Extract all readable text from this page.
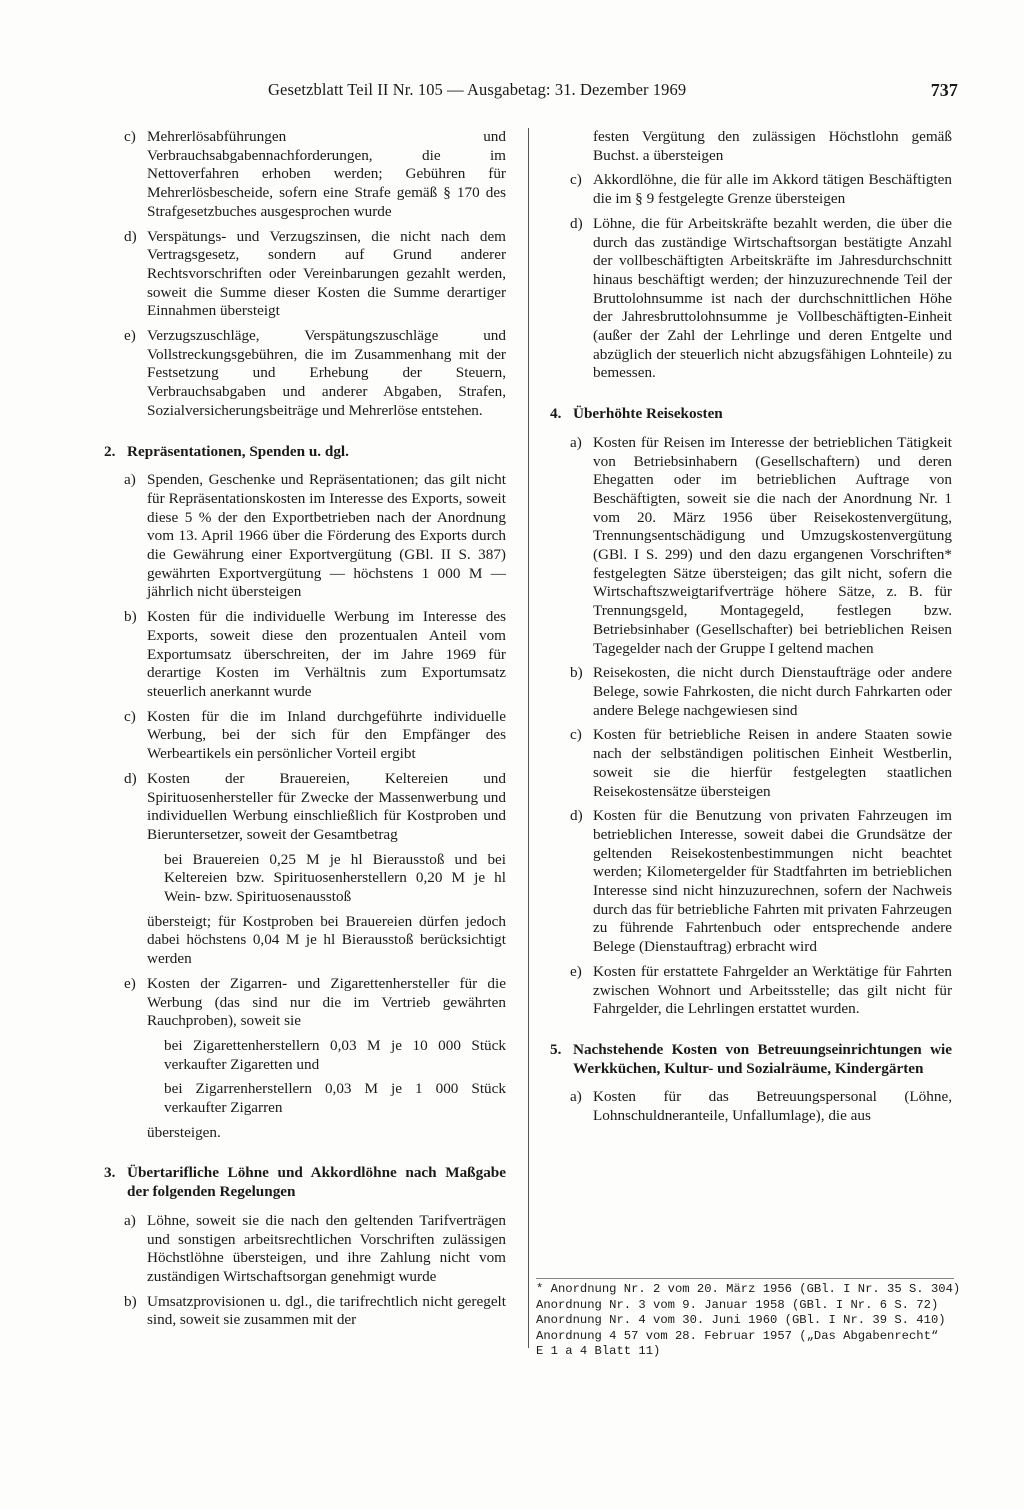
Gesetzblatt Teil II Nr. 105 — Ausgabetag: 31. Dezember 1969	737

c) Mehrerlösabführungen und Verbrauchsabgabennachforderungen, die im Nettoverfahren erhoben werden; Gebühren für Mehrerlösbescheide, sofern eine Strafe gemäß § 170 des Strafgesetzbuches ausgesprochen wurde

d) Verspätungs- und Verzugszinsen, die nicht nach dem Vertragsgesetz, sondern auf Grund anderer Rechtsvorschriften oder Vereinbarungen gezahlt werden, soweit die Summe dieser Kosten die Summe derartiger Einnahmen übersteigt

e) Verzugszuschläge, Verspätungszuschläge und Vollstreckungsgebühren, die im Zusammenhang mit der Festsetzung und Erhebung der Steuern, Verbrauchsabgaben und anderer Abgaben, Strafen, Sozialversicherungsbeiträge und Mehrerlöse entstehen.

2. Repräsentationen, Spenden u. dgl.

a) Spenden, Geschenke und Repräsentationen; das gilt nicht für Repräsentationskosten im Interesse des Exports, soweit diese 5 % der den Exportbetrieben nach der Anordnung vom 13. April 1966 über die Förderung des Exports durch die Gewährung einer Exportvergütung (GBl. II S. 387) gewährten Exportvergütung — höchstens 1 000 M — jährlich nicht übersteigen

b) Kosten für die individuelle Werbung im Interesse des Exports, soweit diese den prozentualen Anteil vom Exportumsatz überschreiten, der im Jahre 1969 für derartige Kosten im Verhältnis zum Exportumsatz steuerlich anerkannt wurde

c) Kosten für die im Inland durchgeführte individuelle Werbung, bei der sich für den Empfänger des Werbeartikels ein persönlicher Vorteil ergibt

d) Kosten der Brauereien, Keltereien und Spirituosenhersteller für Zwecke der Massenwerbung und individuellen Werbung einschließlich für Kostproben und Bieruntersetzer, soweit der Gesamtbetrag

bei Brauereien 0,25 M je hl Bierausstoß und bei Keltereien bzw. Spirituosenherstellern 0,20 M je hl Wein- bzw. Spirituosenausstoß

übersteigt; für Kostproben bei Brauereien dürfen jedoch dabei höchstens 0,04 M je hl Bierausstoß berücksichtigt werden

e) Kosten der Zigarren- und Zigarettenhersteller für die Werbung (das sind nur die im Vertrieb gewährten Rauchproben), soweit sie

bei Zigarettenherstellern 0,03 M je 10 000 Stück verkaufter Zigaretten und

bei Zigarrenherstellern 0,03 M je 1 000 Stück verkaufter Zigarren

übersteigen.

3. Übertarifliche Löhne und Akkordlöhne nach Maßgabe der folgenden Regelungen

a) Löhne, soweit sie die nach den geltenden Tarifverträgen und sonstigen arbeitsrechtlichen Vorschriften zulässigen Höchstlöhne übersteigen, und ihre Zahlung nicht vom zuständigen Wirtschaftsorgan genehmigt wurde

b) Umsatzprovisionen u. dgl., die tarifrechtlich nicht geregelt sind, soweit sie zusammen mit der

festen Vergütung den zulässigen Höchstlohn gemäß Buchst. a übersteigen

c) Akkordlöhne, die für alle im Akkord tätigen Beschäftigten die im § 9 festgelegte Grenze übersteigen

d) Löhne, die für Arbeitskräfte bezahlt werden, die über die durch das zuständige Wirtschaftsorgan bestätigte Anzahl der vollbeschäftigten Arbeitskräfte im Jahresdurchschnitt hinaus beschäftigt werden; der hinzuzurechnende Teil der Bruttolohnsumme ist nach der durchschnittlichen Höhe der Jahresbruttolohnsumme je Vollbeschäftigten-Einheit (außer der Zahl der Lehrlinge und deren Entgelte und abzüglich der steuerlich nicht abzugsfähigen Lohnteile) zu bemessen.

4. Überhöhte Reisekosten

a) Kosten für Reisen im Interesse der betrieblichen Tätigkeit von Betriebsinhabern (Gesellschaftern) und deren Ehegatten oder im betrieblichen Auftrage von Beschäftigten, soweit sie die nach der Anordnung Nr. 1 vom 20. März 1956 über Reisekostenvergütung, Trennungsentschädigung und Umzugskostenvergütung (GBl. I S. 299) und den dazu ergangenen Vorschriften* festgelegten Sätze übersteigen; das gilt nicht, sofern die Wirtschaftszweigtarifverträge höhere Sätze, z. B. für Trennungsgeld, Montagegeld, festlegen bzw. Betriebsinhaber (Gesellschafter) bei betrieblichen Reisen Tagegelder nach der Gruppe I geltend machen

b) Reisekosten, die nicht durch Dienstaufträge oder andere Belege, sowie Fahrkosten, die nicht durch Fahrkarten oder andere Belege nachgewiesen sind

c) Kosten für betriebliche Reisen in andere Staaten sowie nach der selbständigen politischen Einheit Westberlin, soweit sie die hierfür festgelegten staatlichen Reisekostensätze übersteigen

d) Kosten für die Benutzung von privaten Fahrzeugen im betrieblichen Interesse, soweit dabei die Grundsätze der geltenden Reisekostenbestimmungen nicht beachtet werden; Kilometergelder für Stadtfahrten im betrieblichen Interesse sind nicht hinzuzurechnen, sofern der Nachweis durch das für betriebliche Fahrten mit privaten Fahrzeugen zu führende Fahrtenbuch oder entsprechende andere Belege (Dienstauftrag) erbracht wird

e) Kosten für erstattete Fahrgelder an Werktätige für Fahrten zwischen Wohnort und Arbeitsstelle; das gilt nicht für Fahrgelder, die Lehrlingen erstattet wurden.

5. Nachstehende Kosten von Betreuungseinrichtungen wie Werkküchen, Kultur- und Sozialräume, Kindergärten

a) Kosten für das Betreuungspersonal (Löhne, Lohnschuldneranteile, Unfallumlage), die aus

* Anordnung Nr. 2 vom 20. März 1956 (GBl. I Nr. 35 S. 304)
Anordnung Nr. 3 vom 9. Januar 1958 (GBl. I Nr. 6 S. 72)
Anordnung Nr. 4 vom 30. Juni 1960 (GBl. I Nr. 39 S. 410)
Anordnung 4 57 vom 28. Februar 1957 („Das Abgabenrecht“
E 1 a 4 Blatt 11)
